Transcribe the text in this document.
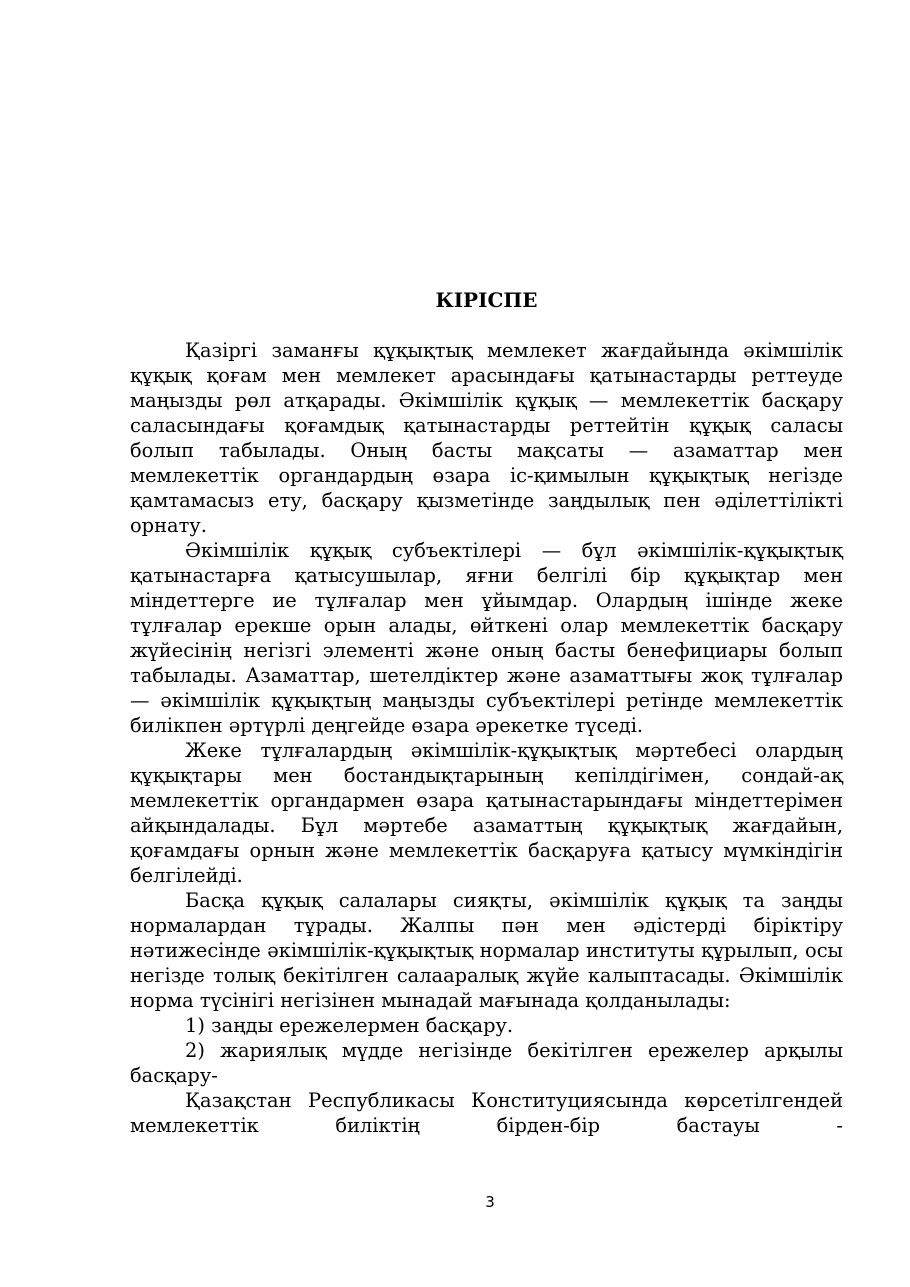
КІРІСПЕ

Қазіргі заманғы құқықтық мемлекет жағдайында әкімшілік құқық қоғам мен мемлекет арасындағы қатынастарды реттеуде маңызды рөл атқарады. Әкімшілік құқық — мемлекеттік басқару саласындағы қоғамдық қатынастарды реттейтін құқық саласы болып табылады. Оның басты мақсаты — азаматтар мен мемлекеттік органдардың өзара іс-қимылын құқықтық негізде қамтамасыз ету, басқару қызметінде заңдылық пен әділеттілікті орнату.

Әкімшілік құқық субъектілері — бұл әкімшілік-құқықтық қатынастарға қатысушылар, яғни белгілі бір құқықтар мен міндеттерге ие тұлғалар мен ұйымдар. Олардың ішінде жеке тұлғалар ерекше орын алады, өйткені олар мемлекеттік басқару жүйесінің негізгі элементі және оның басты бенефициары болып табылады. Азаматтар, шетелдіктер және азаматтығы жоқ тұлғалар — әкімшілік құқықтың маңызды субъектілері ретінде мемлекеттік билікпен әртүрлі деңгейде өзара әрекетке түседі.

Жеке тұлғалардың әкімшілік-құқықтық мәртебесі олардың құқықтары мен бостандықтарының кепілдігімен, сондай-ақ мемлекеттік органдармен өзара қатынастарындағы міндеттерімен айқындалады. Бұл мәртебе азаматтың құқықтық жағдайын, қоғамдағы орнын және мемлекеттік басқаруға қатысу мүмкіндігін белгілейді.

Басқа құқық салалары сияқты, әкімшілік құқық та заңды нормалардан тұрады. Жалпы пән мен әдістерді біріктіру нәтижесінде әкімшілік-құқықтық нормалар институты құрылып, осы негізде толық бекітілген салааралық жүйе калыптасады. Әкімшілік норма түсінігі негізінен мынадай мағынада қолданылады:

1) заңды ережелермен басқару.

2) жариялық мүдде негізінде бекітілген ережелер арқылы басқару-

Қазақстан Республикасы Конституциясында көрсетілгендей мемлекеттік биліктің бірден-бір бастауы -

3
